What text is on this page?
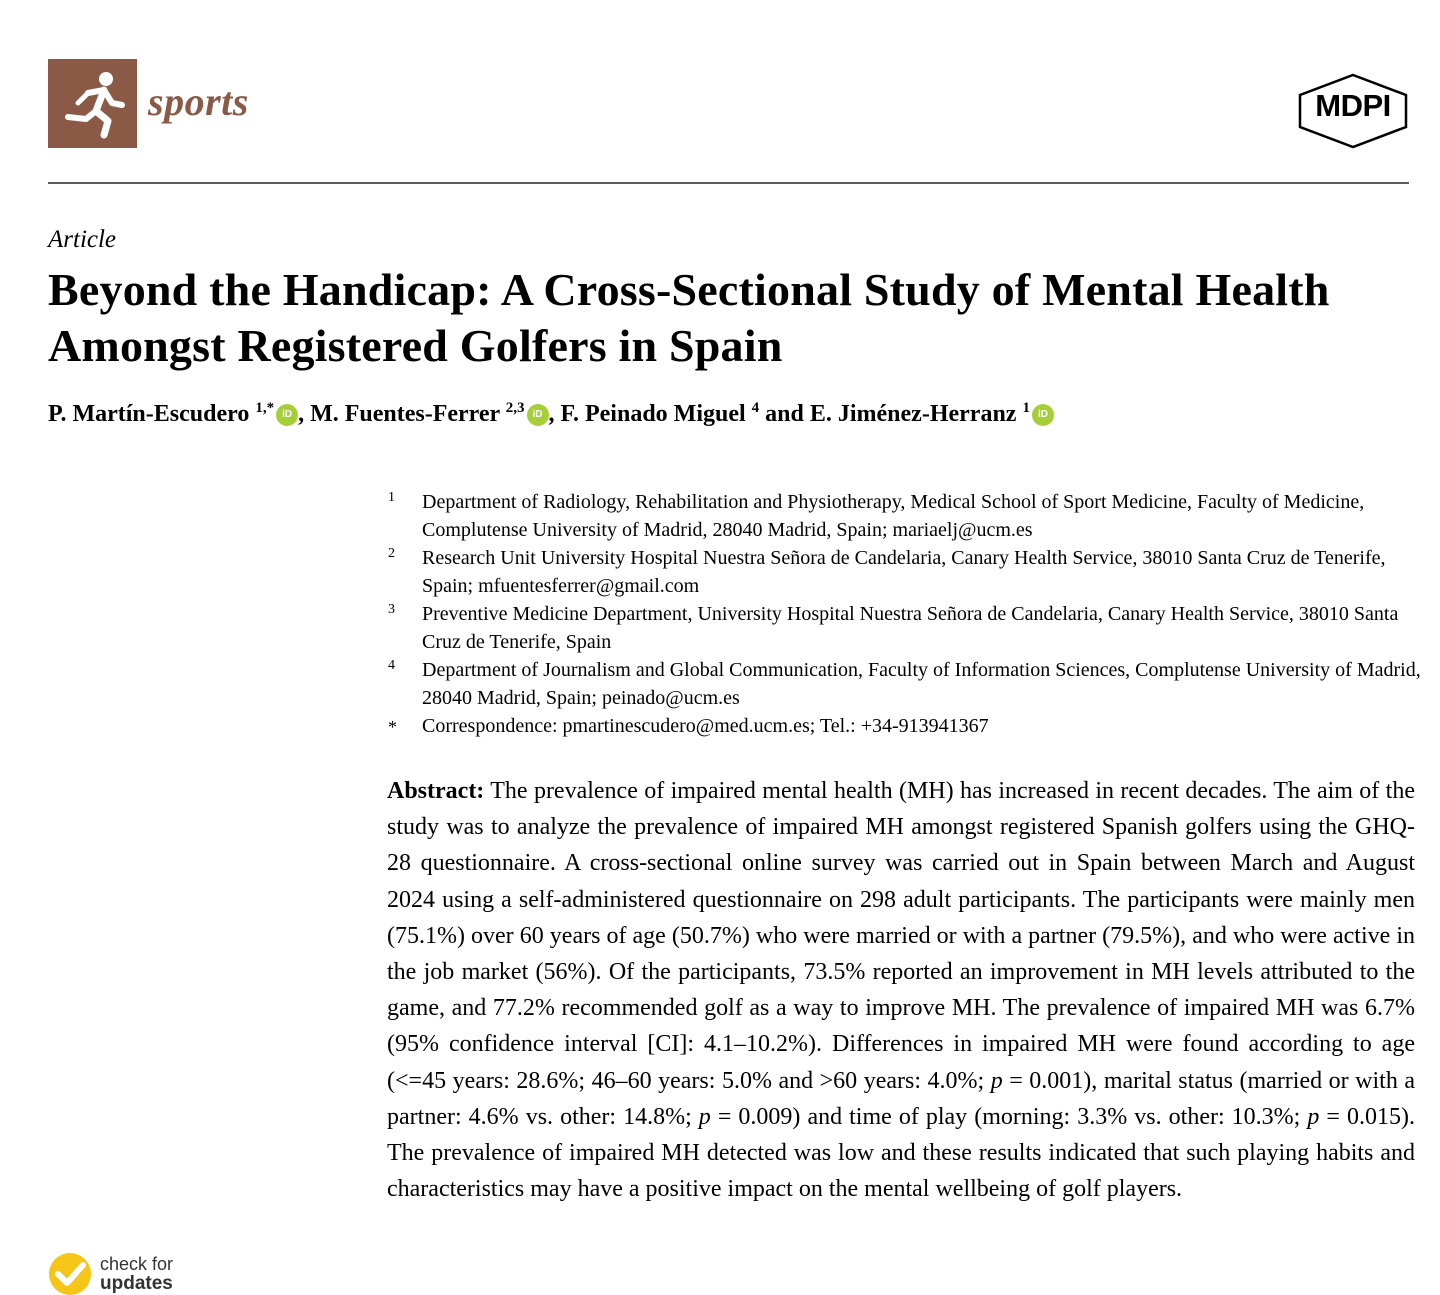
sports	MDPI
Article
Beyond the Handicap: A Cross-Sectional Study of Mental Health Amongst Registered Golfers in Spain
P. Martín-Escudero $^{1,*}$ iD , M. Fuentes-Ferrer $^{2,3}$ iD , F. Peinado Miguel $^4$ and E. Jiménez-Herranz $^1$ iD
1	Department of Radiology, Rehabilitation and Physiotherapy, Medical School of Sport Medicine, Faculty of Medicine, Complutense University of Madrid, 28040 Madrid, Spain; mariaelj@ucm.es
2	Research Unit University Hospital Nuestra Señora de Candelaria, Canary Health Service, 38010 Santa Cruz de Tenerife, Spain; mfuentesferrer@gmail.com
3	Preventive Medicine Department, University Hospital Nuestra Señora de Candelaria, Canary Health Service, 38010 Santa Cruz de Tenerife, Spain
4	Department of Journalism and Global Communication, Faculty of Information Sciences, Complutense University of Madrid, 28040 Madrid, Spain; peinado@ucm.es
*	Correspondence: pmartinescudero@med.ucm.es; Tel.: +34-913941367
Abstract: The prevalence of impaired mental health (MH) has increased in recent decades. The aim of the study was to analyze the prevalence of impaired MH amongst registered Spanish golfers using the GHQ-28 questionnaire. A cross-sectional online survey was carried out in Spain between March and August 2024 using a self-administered questionnaire on 298 adult participants. The participants were mainly men (75.1%) over 60 years of age (50.7%) who were married or with a partner (79.5%), and who were active in the job market (56%). Of the participants, 73.5% reported an improvement in MH levels attributed to the game, and 77.2% recommended golf as a way to improve MH. The prevalence of impaired MH was 6.7% (95% confidence interval [CI]: 4.1–10.2%). Differences in impaired MH were found according to age (<=45 years: 28.6%; 46–60 years: 5.0% and >60 years: 4.0%; p = 0.001), marital status (married or with a partner: 4.6% vs. other: 14.8%; p = 0.009) and time of play (morning: 3.3% vs. other: 10.3%; p = 0.015). The prevalence of impaired MH detected was low and these results indicated that such playing habits and characteristics may have a positive impact on the mental wellbeing of golf players.
check for
updates
